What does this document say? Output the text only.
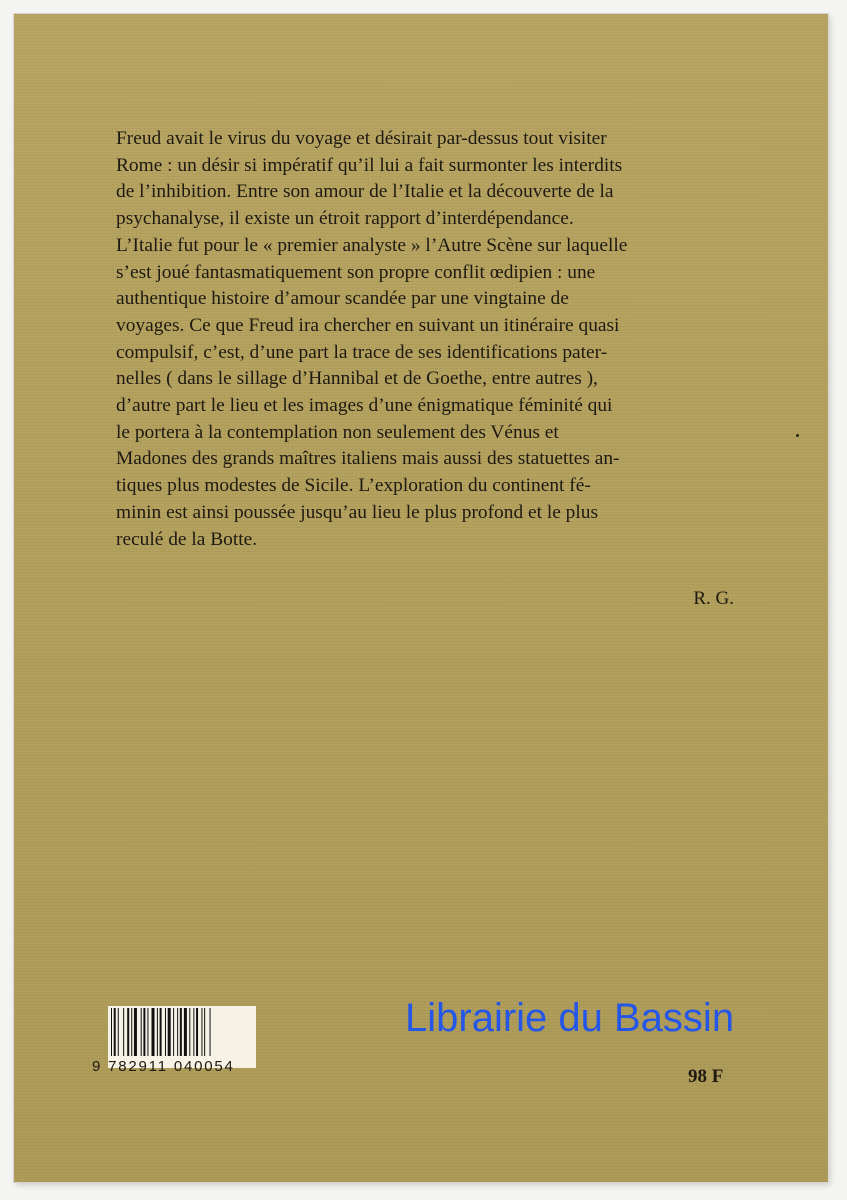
Freud avait le virus du voyage et désirait par-dessus tout visiter

Rome : un désir si impératif qu’il lui a fait surmonter les interdits

de l’inhibition. Entre son amour de l’Italie et la découverte de la

psychanalyse, il existe un étroit rapport d’interdépendance.

L’Italie fut pour le « premier analyste » l’Autre Scène sur laquelle

s’est joué fantasmatiquement son propre conflit œdipien : une

authentique histoire d’amour scandée par une vingtaine de

voyages. Ce que Freud ira chercher en suivant un itinéraire quasi

compulsif, c’est, d’une part la trace de ses identifications pater-

nelles ( dans le sillage d’Hannibal et de Goethe, entre autres ),

d’autre part le lieu et les images d’une énigmatique féminité qui

le portera à la contemplation non seulement des Vénus et

Madones des grands maîtres italiens mais aussi des statuettes an-

tiques plus modestes de Sicile. L’exploration du continent fé-

minin est ainsi poussée jusqu’au lieu le plus profond et le plus

reculé de la Botte.

R. G.
9 782911 040054
Librairie du Bassin
98 F
